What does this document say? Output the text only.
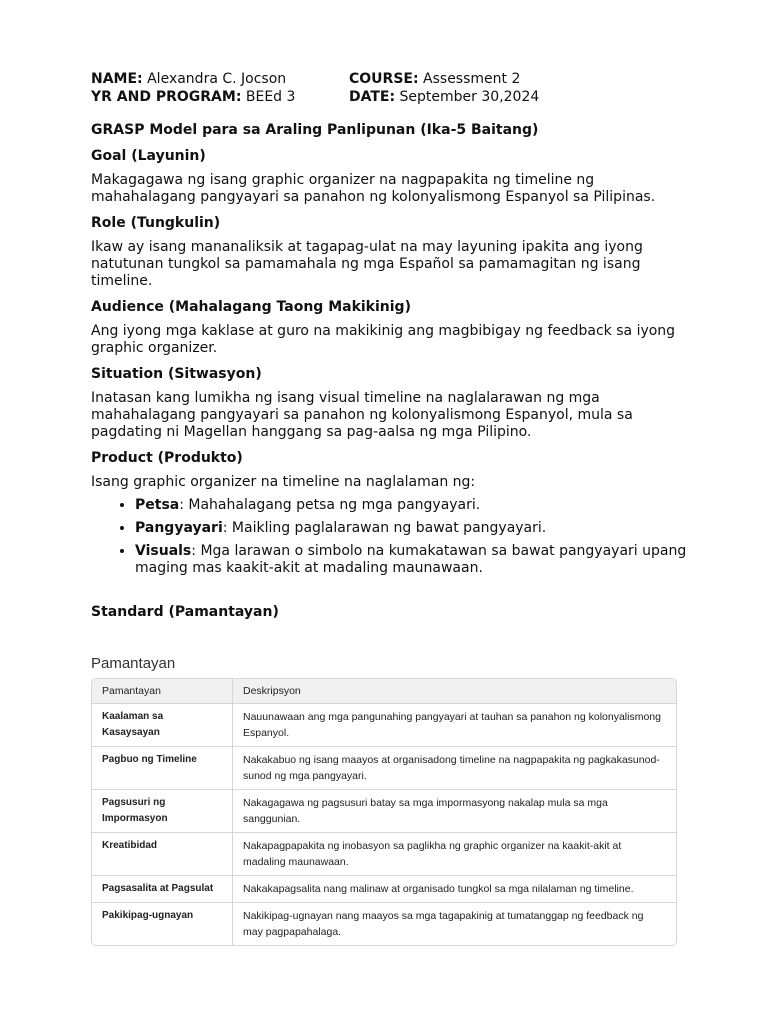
NAME: Alexandra C. Jocson	COURSE: Assessment 2
YR AND PROGRAM: BEEd 3	DATE: September 30,2024
GRASP Model para sa Araling Panlipunan (Ika-5 Baitang)
Goal (Layunin)

Makagagawa ng isang graphic organizer na nagpapakita ng timeline ng mahahalagang pangyayari sa panahon ng kolonyalismong Espanyol sa Pilipinas.

Role (Tungkulin)

Ikaw ay isang mananaliksik at tagapag-ulat na may layuning ipakita ang iyong natutunan tungkol sa pamamahala ng mga Español sa pamamagitan ng isang timeline.

Audience (Mahalagang Taong Makikinig)

Ang iyong mga kaklase at guro na makikinig ang magbibigay ng feedback sa iyong graphic organizer.

Situation (Sitwasyon)

Inatasan kang lumikha ng isang visual timeline na naglalarawan ng mga mahahalagang pangyayari sa panahon ng kolonyalismong Espanyol, mula sa pagdating ni Magellan hanggang sa pag-aalsa ng mga Pilipino.

Product (Produkto)

Isang graphic organizer na timeline na naglalaman ng:

• Petsa: Mahahalagang petsa ng mga pangyayari.
• Pangyayari: Maikling paglalarawan ng bawat pangyayari.
• Visuals: Mga larawan o simbolo na kumakatawan sa bawat pangyayari upang maging mas kaakit-akit at madaling maunawaan.
Standard (Pamantayan)
Pamantayan
Pamantayan	Deskripsyon
Kaalaman sa Kasaysayan	Nauunawaan ang mga pangunahing pangyayari at tauhan sa panahon ng kolonyalismong Espanyol.
Pagbuo ng Timeline	Nakakabuo ng isang maayos at organisadong timeline na nagpapakita ng pagkakasunod-sunod ng mga pangyayari.
Pagsusuri ng Impormasyon	Nakagagawa ng pagsusuri batay sa mga impormasyong nakalap mula sa mga sanggunian.
Kreatibidad	Nakapagpapakita ng inobasyon sa paglikha ng graphic organizer na kaakit-akit at madaling maunawaan.
Pagsasalita at Pagsulat	Nakakapagsalita nang malinaw at organisado tungkol sa mga nilalaman ng timeline.
Pakikipag-ugnayan	Nakikipag-ugnayan nang maayos sa mga tagapakinig at tumatanggap ng feedback ng may pagpapahalaga.
